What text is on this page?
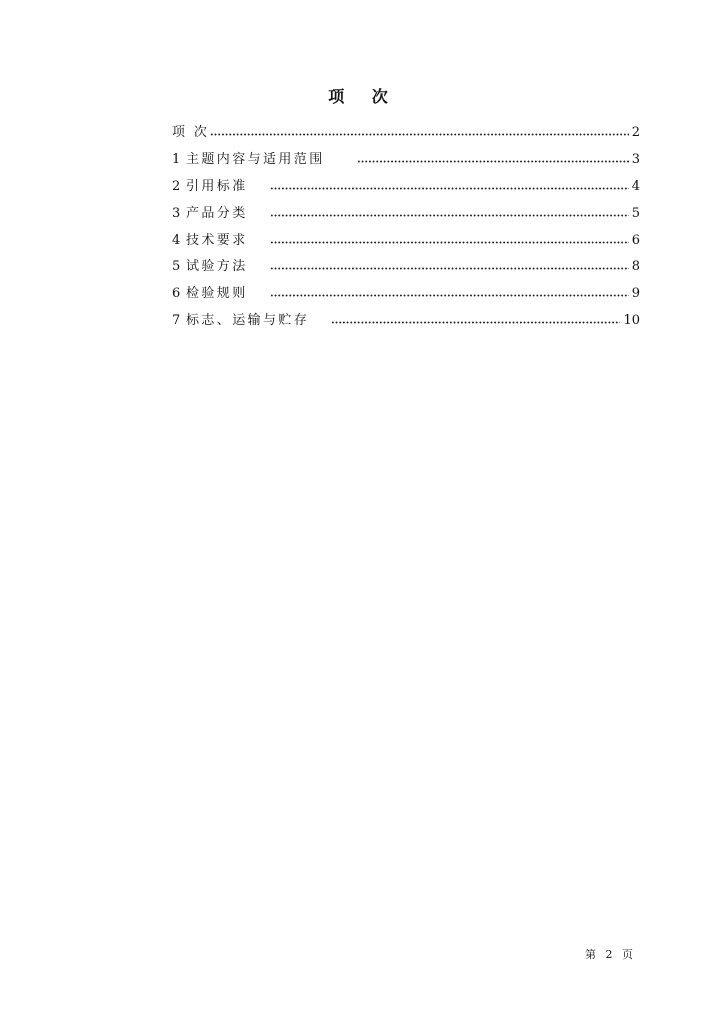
项 次
项 次	2
1 主题内容与适用范围	3
2 引用标准	4
3 产品分类	5
4 技术要求	6
5 试验方法	8
6 检验规则	9
7 标志、运输与贮存	10
第 2 页
